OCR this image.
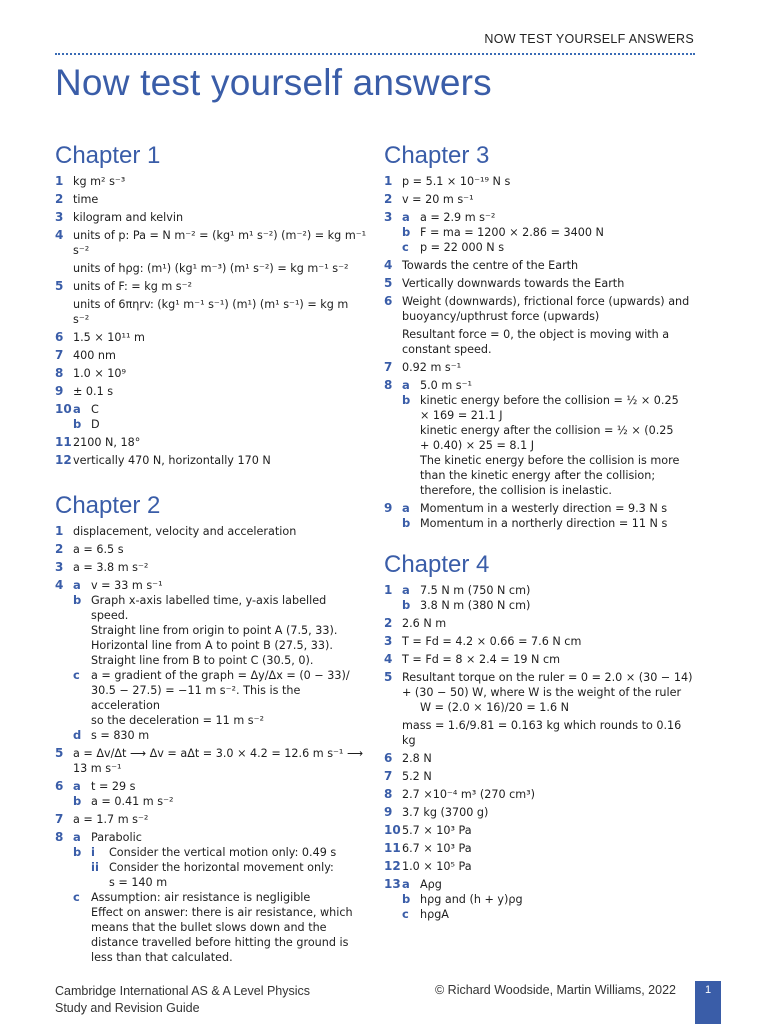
NOW TEST YOURSELF ANSWERS
Now test yourself answers
Chapter 1
1 kg m² s⁻³
2 time
3 kilogram and kelvin
4 units of p: Pa = N m⁻² = (kg¹ m¹ s⁻²) (m⁻²) = kg m⁻¹ s⁻²
units of hρg: (m¹) (kg¹ m⁻³) (m¹ s⁻²) = kg m⁻¹ s⁻²
5 units of F: = kg m s⁻²
units of 6πηrv: (kg¹ m⁻¹ s⁻¹) (m¹) (m¹ s⁻¹) = kg m s⁻²
6 1.5 × 10¹¹ m
7 400 nm
8 1.0 × 10⁹
9 ± 0.1 s
10 a C
b D
11 2100 N, 18°
12 vertically 470 N, horizontally 170 N
Chapter 2
1 displacement, velocity and acceleration
2 a = 6.5 s
3 a = 3.8 m s⁻²
4 a v = 33 m s⁻¹
b Graph x-axis labelled time, y-axis labelled speed.
Straight line from origin to point A (7.5, 33).
Horizontal line from A to point B (27.5, 33).
Straight line from B to point C (30.5, 0).
c a = gradient of the graph = Δy/Δx = (0 − 33)/
30.5 − 27.5) = −11 m s⁻². This is the acceleration
so the deceleration = 11 m s⁻²
d s = 830 m
5 a = Δv/Δt ⟶ Δv = aΔt = 3.0 × 4.2 = 12.6 m s⁻¹ ⟶
13 m s⁻¹
6 a t = 29 s
b a = 0.41 m s⁻²
7 a = 1.7 m s⁻²
8 a Parabolic
b i Consider the vertical motion only: 0.49 s
ii Consider the horizontal movement only:
s = 140 m
c Assumption: air resistance is negligible
Effect on answer: there is air resistance, which
means that the bullet slows down and the
distance travelled before hitting the ground is
less than that calculated.
Chapter 3
1 p = 5.1 × 10⁻¹⁹ N s
2 v = 20 m s⁻¹
3 a a = 2.9 m s⁻²
b F = ma = 1200 × 2.86 = 3400 N
c p = 22 000 N s
4 Towards the centre of the Earth
5 Vertically downwards towards the Earth
6 Weight (downwards), frictional force (upwards) and
buoyancy/upthrust force (upwards)
Resultant force = 0, the object is moving with a
constant speed.
7 0.92 m s⁻¹
8 a 5.0 m s⁻¹
b kinetic energy before the collision = ½ × 0.25
× 169 = 21.1 J
kinetic energy after the collision = ½ × (0.25
+ 0.40) × 25 = 8.1 J
The kinetic energy before the collision is more
than the kinetic energy after the collision;
therefore, the collision is inelastic.
9 a Momentum in a westerly direction = 9.3 N s
b Momentum in a northerly direction = 11 N s
Chapter 4
1 a 7.5 N m (750 N cm)
b 3.8 N m (380 N cm)
2 2.6 N m
3 T = Fd = 4.2 × 0.66 = 7.6 N cm
4 T = Fd = 8 × 2.4 = 19 N cm
5 Resultant torque on the ruler = 0 = 2.0 × (30 − 14)
+ (30 − 50) W, where W is the weight of the ruler
W = (2.0 × 16)/20 = 1.6 N
mass = 1.6/9.81 = 0.163 kg which rounds to 0.16 kg
6 2.8 N
7 5.2 N
8 2.7 ×10⁻⁴ m³ (270 cm³)
9 3.7 kg (3700 g)
10 5.7 × 10³ Pa
11 6.7 × 10³ Pa
12 1.0 × 10⁵ Pa
13 a Aρg
b hρg and (h + y)ρg
c hρgA
Cambridge International AS & A Level Physics
Study and Revision Guide
© Richard Woodside, Martin Williams, 2022	1
